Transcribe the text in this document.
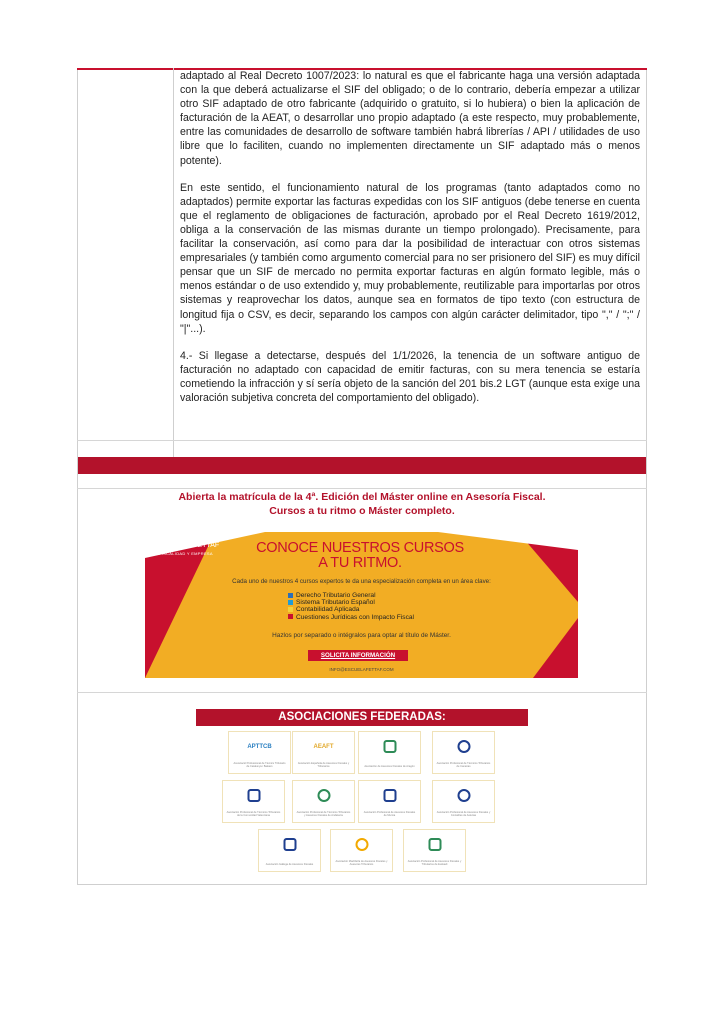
adaptado al Real Decreto 1007/2023: lo natural es que el fabricante haga una versión adaptada con la que deberá actualizarse el SIF del obligado; o de lo contrario, debería empezar a utilizar otro SIF adaptado de otro fabricante (adquirido o gratuito, si lo hubiera) o bien la aplicación de facturación de la AEAT, o desarrollar uno propio adaptado (a este respecto, muy probablemente, entre las comunidades de desarrollo de software también habrá librerías / API / utilidades de uso libre que lo faciliten, cuando no implementen directamente un SIF adaptado más o menos potente).

En este sentido, el funcionamiento natural de los programas (tanto adaptados como no adaptados) permite exportar las facturas expedidas con los SIF antiguos (debe tenerse en cuenta que el reglamento de obligaciones de facturación, aprobado por el Real Decreto 1619/2012, obliga a la conservación de las mismas durante un tiempo prolongado). Precisamente, para facilitar la conservación, así como para dar la posibilidad de interactuar con otros sistemas empresariales (y también como argumento comercial para no ser prisionero del SIF) es muy difícil pensar que un SIF de mercado no permita exportar facturas en algún formato legible, más o menos estándar o de uso extendido y, muy probablemente, reutilizable para importarlas por otros sistemas y reaprovechar los datos, aunque sea en formatos de tipo texto (con estructura de longitud fija o CSV, es decir, separando los campos con algún carácter delimitador, tipo "," / ";" / "|"...).

4.- Si llegase a detectarse, después del 1/1/2026, la tenencia de un software antiguo de facturación no adaptado con capacidad de emitir facturas, con su mera tenencia se estaría cometiendo la infracción y sí sería objeto de la sanción del 201 bis.2 LGT (aunque esta exige una valoración subjetiva concreta del comportamiento del obligado).

Abierta la matrícula de la 4ª. Edición del Máster online en Asesoría Fiscal.
Cursos a tu ritmo o Máster completo.
ESCUELA FETTAF
FISCALIDAD Y EMPRESA	CONOCE NUESTROS CURSOS
A TU RITMO.
Cada uno de nuestros 4 cursos expertos te da una especialización completa en un área clave:
Derecho Tributario General
Sistema Tributario Español
Contabilidad Aplicada
Cuestiones Jurídicas con Impacto Fiscal
Hazlos por separado o intégralos para optar al título de Máster.
SOLICITA INFORMACIÓN
INFO@ESCUELAFETTAF.COM
ASOCIACIONES FEDERADAS:
APTTCB
Associació Professional de Tècnics Tributaris de Catalunya i Balears
AEAFT
Asociación Española de Asesores Fiscales y Tributarios	Asociación de Asesores Fiscales de Aragón
Asociación Profesional de Técnicos Tributarios de Canarias
Asociación Profesional de Técnicos Tributarios de la Comunidad Valenciana
Asociación Profesional de Técnicos Tributarios y Asesores Fiscales de Andalucía
Asociación Profesional de Asesores Fiscales de Murcia
Asociación Profesional de Asesores Fiscales y Contables de Asturias
Asociación Gallega de Asesores Fiscales
Asociación Madrileña de Asesores Fiscales y Asesores Tributarios
Asociación Profesional de Asesores Fiscales y Tributarios de Euskadi
